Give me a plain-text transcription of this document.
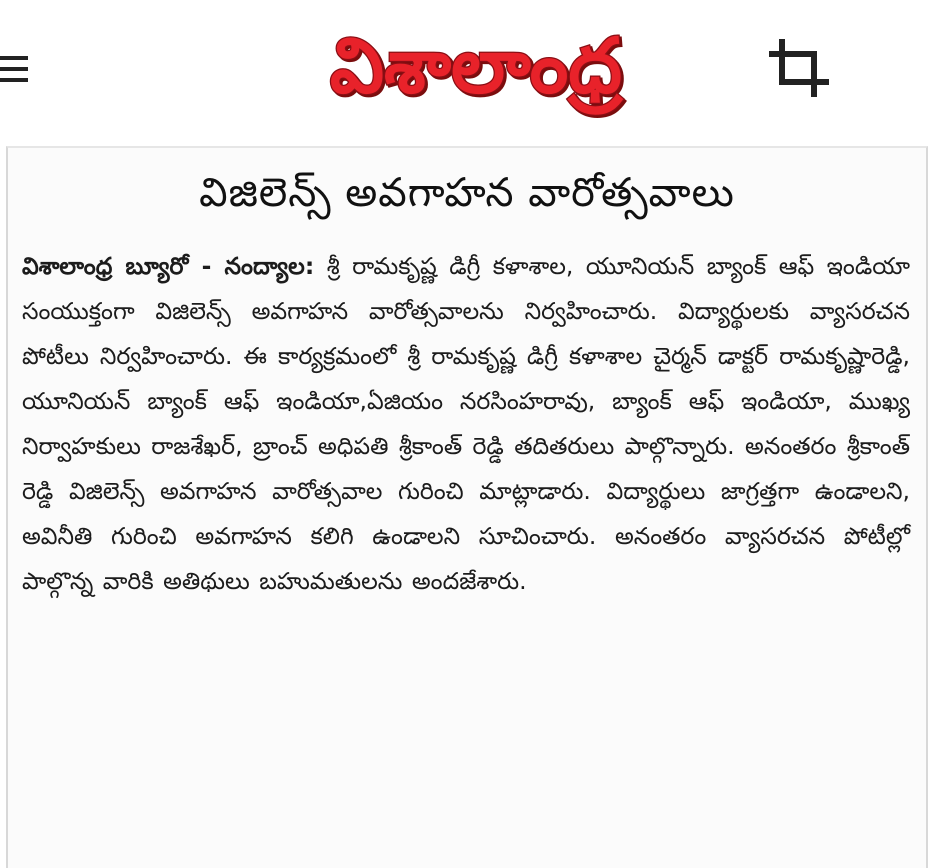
విశాలాంధ్ర
విజిలెన్స్ అవగాహన వారోత్సవాలు

విశాలాంధ్ర బ్యూరో - నంద్యాల: శ్రీ రామకృష్ణ డిగ్రీ కళాశాల, యూనియన్ బ్యాంక్ ఆఫ్ ఇండియా సంయుక్తంగా విజిలెన్స్ అవగాహన వారోత్సవాలను నిర్వహించారు. విద్యార్థులకు వ్యాసరచన పోటీలు నిర్వహించారు. ఈ కార్యక్రమంలో శ్రీ రామకృష్ణ డిగ్రీ కళాశాల చైర్మన్ డాక్టర్ రామకృష్ణారెడ్డి, యూనియన్ బ్యాంక్ ఆఫ్ ఇండియా,ఏజియం నరసింహరావు, బ్యాంక్ ఆఫ్ ఇండియా, ముఖ్య నిర్వాహకులు రాజశేఖర్, బ్రాంచ్ అధిపతి శ్రీకాంత్ రెడ్డి తదితరులు పాల్గొన్నారు. అనంతరం శ్రీకాంత్ రెడ్డి విజిలెన్స్ అవగాహన వారోత్సవాల గురించి మాట్లాడారు. విద్యార్థులు జాగ్రత్తగా ఉండాలని, అవినీతి గురించి అవగాహన కలిగి ఉండాలని సూచించారు. అనంతరం వ్యాసరచన పోటీల్లో పాల్గొన్న వారికి అతిథులు బహుమతులను అందజేశారు.
